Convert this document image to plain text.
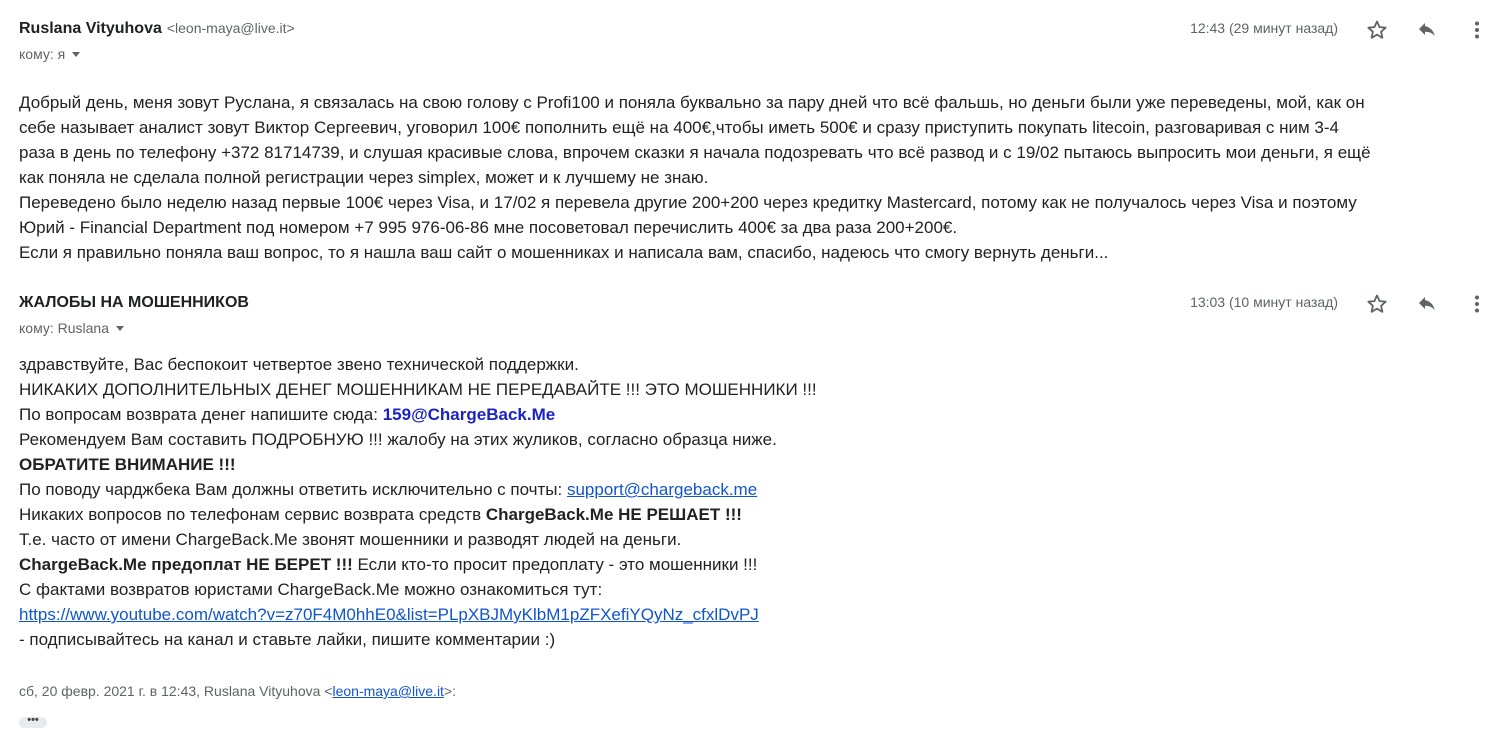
Ruslana Vityuhova <leon-maya@live.it>
кому: я
12:43 (29 минут назад)
Добрый день, меня зовут Руслана, я связалась на свою голову с Profi100 и поняла буквально за пару дней что всё фальшь, но деньги были уже переведены, мой, как он
себе называет аналист зовут Виктор Сергеевич, уговорил 100€ пополнить ещё на 400€,чтобы иметь 500€ и сразу приступить покупать litecoin, разговаривая с ним 3-4
раза в день по телефону +372 81714739, и слушая красивые слова, впрочем сказки я начала подозревать что всё развод и с 19/02 пытаюсь выпросить мои деньги, я ещё
как поняла не сделала полной регистрации через simplex, может и к лучшему не знаю.
Переведено было неделю назад первые 100€ через Visa, и 17/02 я перевела другие 200+200 через кредитку Mastercard, потому как не получалось через Visa и поэтому
Юрий - Financial Department под номером +7 995 976-06-86 мне посоветовал перечислить 400€ за два раза 200+200€.
Если я правильно поняла ваш вопрос, то я нашла ваш сайт о мошенниках и написала вам, спасибо, надеюсь что смогу вернуть деньги...
ЖАЛОБЫ НА МОШЕННИКОВ
кому: Ruslana
13:03 (10 минут назад)
здравствуйте, Вас беспокоит четвертое звено технической поддержки.
НИКАКИХ ДОПОЛНИТЕЛЬНЫХ ДЕНЕГ МОШЕННИКАМ НЕ ПЕРЕДАВАЙТЕ !!! ЭТО МОШЕННИКИ !!!
По вопросам возврата денег напишите сюда: 159@ChargeBack.Me
Рекомендуем Вам составить ПОДРОБНУЮ !!! жалобу на этих жуликов, согласно образца ниже.
ОБРАТИТЕ ВНИМАНИЕ !!!
По поводу чарджбека Вам должны ответить исключительно с почты: support@chargeback.me
Никаких вопросов по телефонам сервис возврата средств ChargeBack.Me НЕ РЕШАЕТ !!!
Т.е. часто от имени ChargeBack.Me звонят мошенники и разводят людей на деньги.
ChargeBack.Me предоплат НЕ БЕРЕТ !!! Если кто-то просит предоплату - это мошенники !!!
С фактами возвратов юристами ChargeBack.Me можно ознакомиться тут:
https://www.youtube.com/watch?v=z70F4M0hhE0&list=PLpXBJMyKlbM1pZFXefiYQyNz_cfxlDvPJ
- подписывайтесь на канал и ставьте лайки, пишите комментарии :)
сб, 20 февр. 2021 г. в 12:43, Ruslana Vityuhova <leon-maya@live.it>:
•••
